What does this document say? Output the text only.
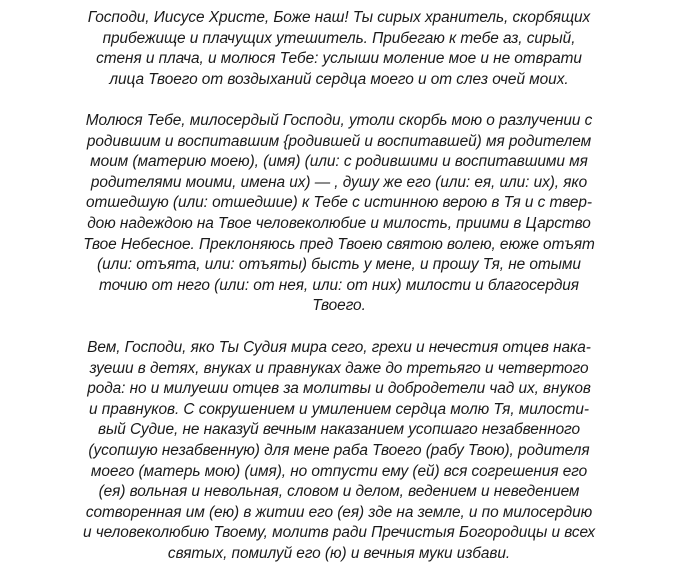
Господи, Иисусе Христе, Боже наш! Ты сирых хранитель, скорбящих
прибежище и плачущих утешитель. Прибегаю к тебе аз, сирый,
стеня и плача, и молюся Тебе: услыши моление мое и не отврати
лица Твоего от воздыханий сердца моего и от слез очей моих.
Молюся Тебе, милосердый Господи, утоли скорбь мою о разлучении с
родившим и воспитавшим {родившей и воспитавшей) мя родителем
моим (материю моею), (имя) (или: с родившими и воспитавшими мя
родителями моими, имена их) — , душу же его (или: ея, или: их), яко
отшедшую (или: отшедшие) к Тебе с истинною верою в Тя и с твер-
дою надеждою на Твое человеколюбие и милость, приими в Царство
Твое Небесное. Преклоняюсь пред Твоею святою волею, еюже отъят
(или: отъята, или: отъяты) бысть у мене, и прошу Тя, не отыми
точию от него (или: от нея, или: от них) милости и благосердия
Твоего.
Вем, Господи, яко Ты Судия мира сего, грехи и нечестия отцев нака-
зуеши в детях, внуках и правнуках даже до третьяго и четвертого
рода: но и милуеши отцев за молитвы и добродетели чад их, внуков
и правнуков. С сокрушением и умилением сердца молю Тя, милости-
вый Судие, не наказуй вечным наказанием усопшаго незабвенного
(усопшую незабвенную) для мене раба Твоего (рабу Твою), родителя
моего (матерь мою) (имя), но отпусти ему (ей) вся согрешения его
(ея) вольная и невольная, словом и делом, ведением и неведением
сотворенная им (ею) в житии его (ея) зде на земле, и по милосердию
и человеколюбию Твоему, молитв ради Пречистыя Богородицы и всех
святых, помилуй его (ю) и вечныя муки избави.
